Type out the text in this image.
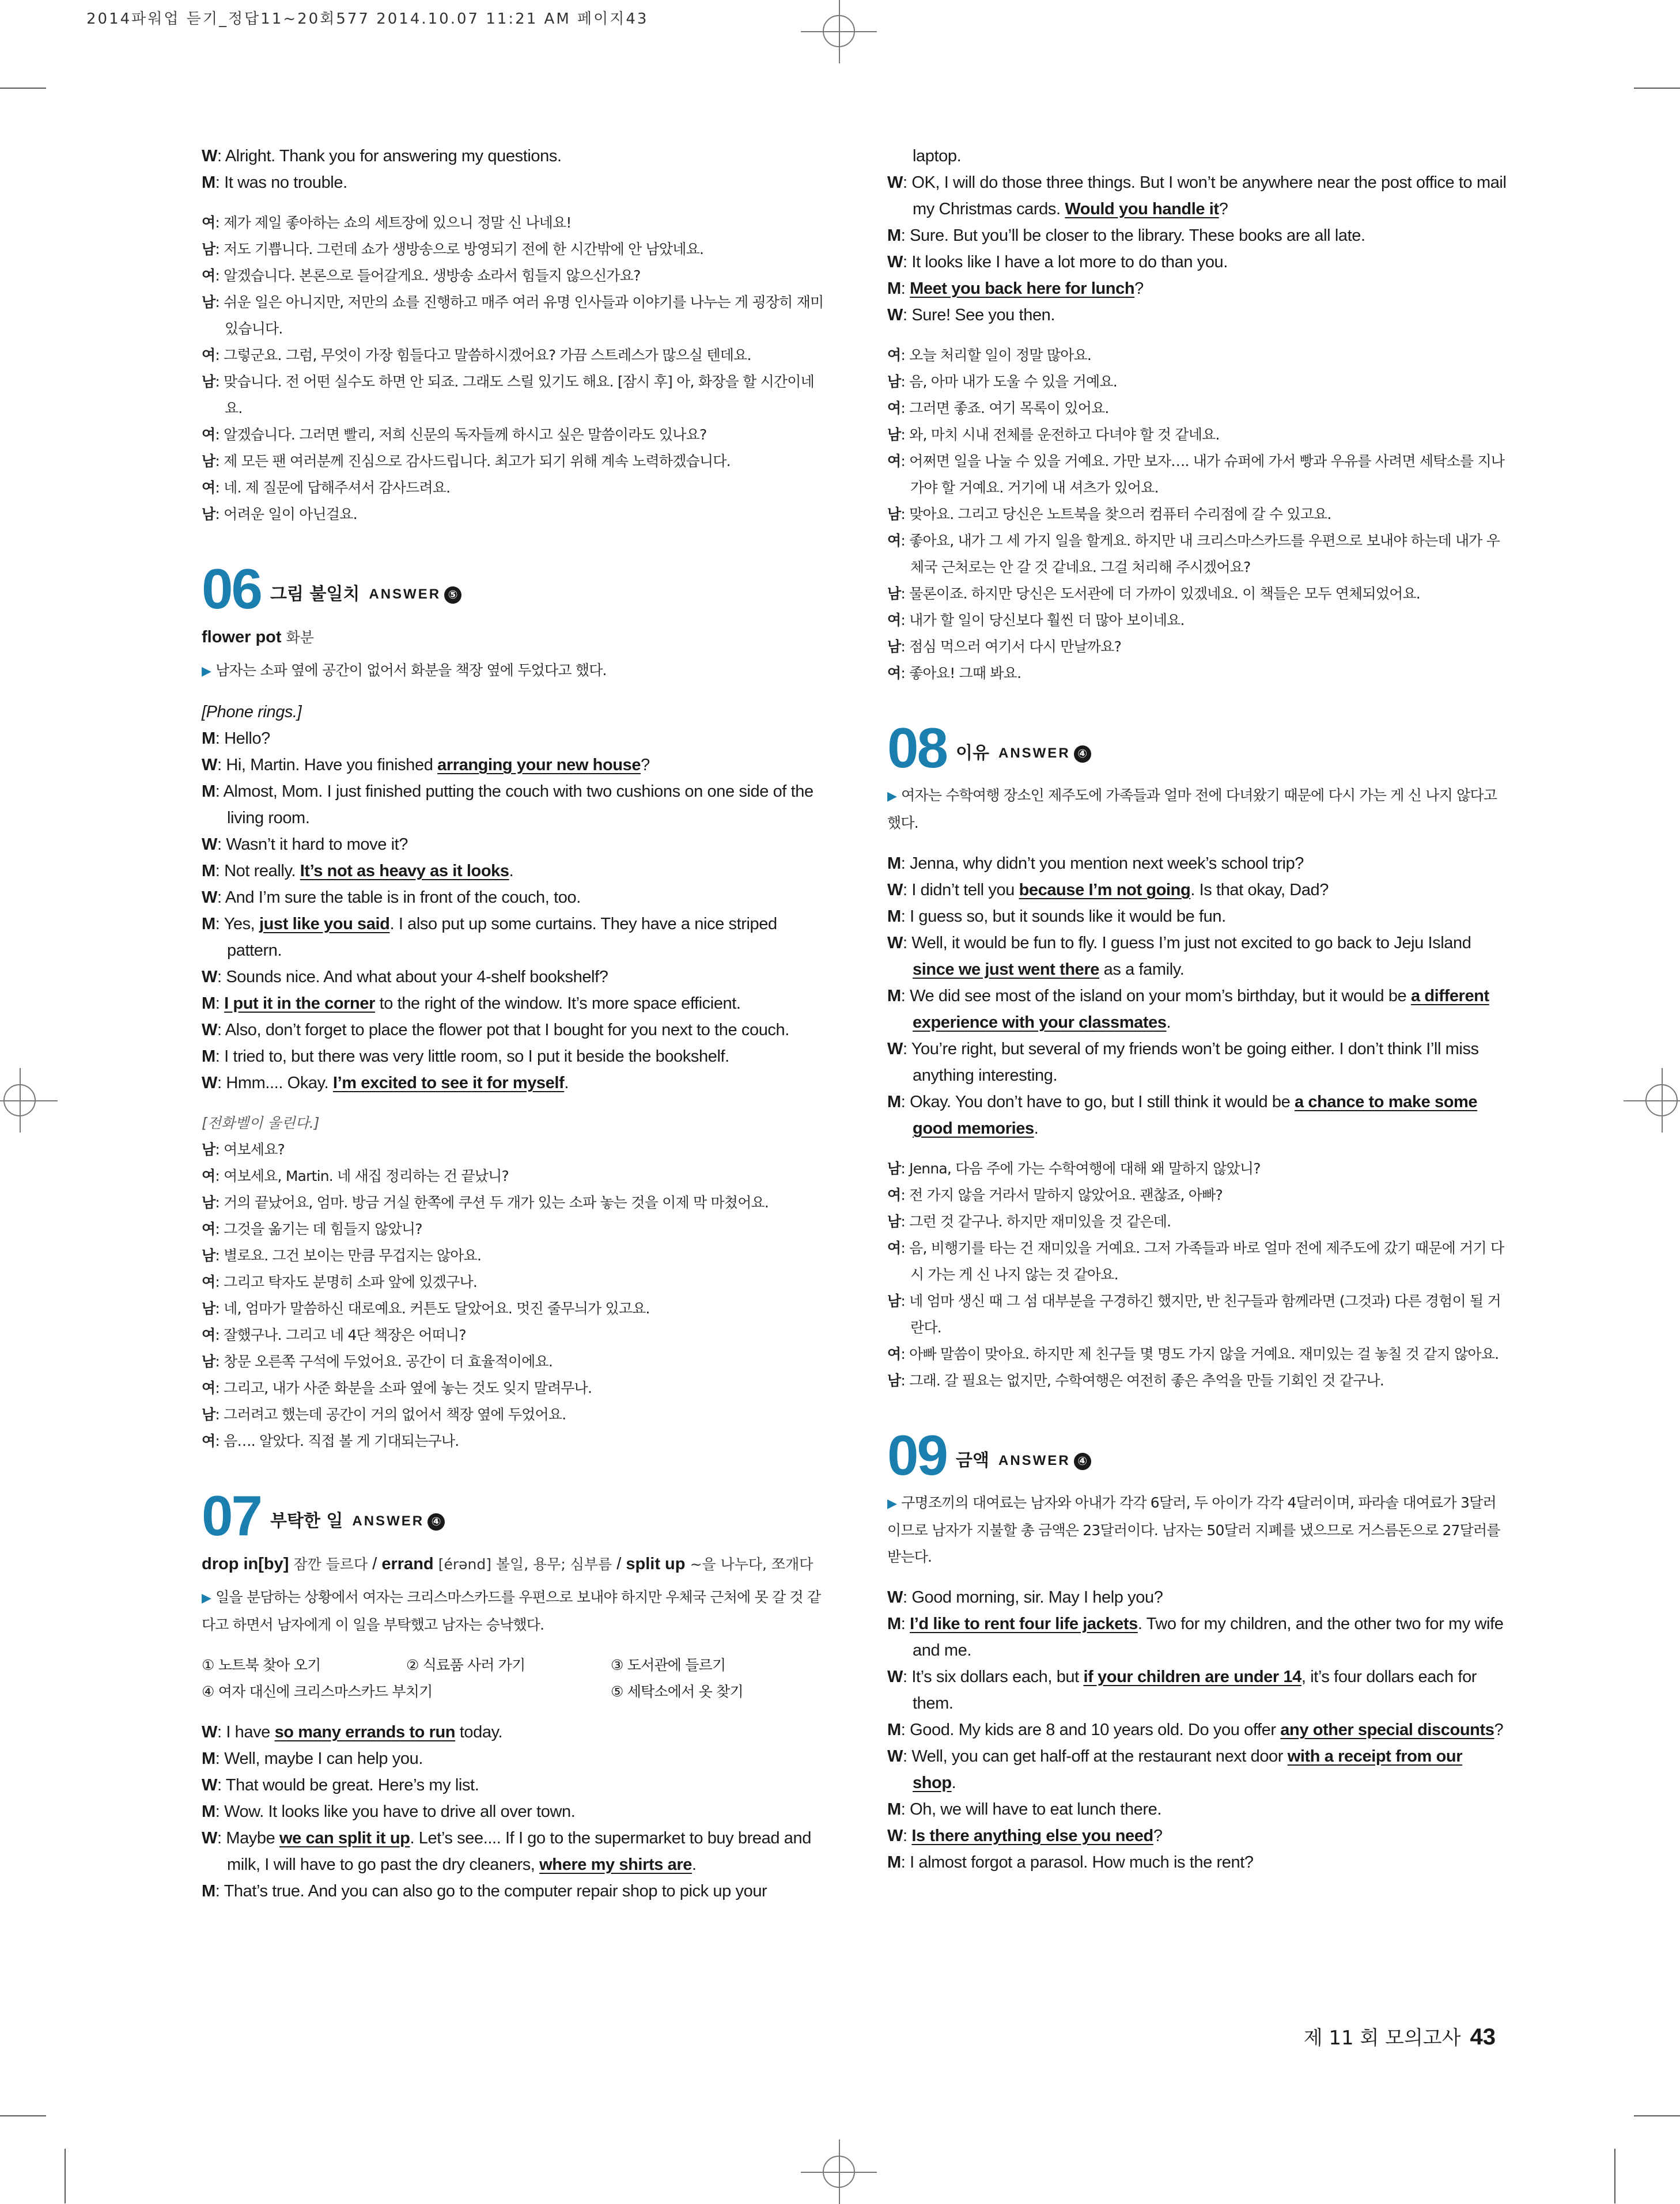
2014파워업 듣기_정답11~20회577 2014.10.07 11:21 AM 페이지43
W: Alright. Thank you for answering my questions.
M: It was no trouble.
여: 제가 제일 좋아하는 쇼의 세트장에 있으니 정말 신 나네요!
남: 저도 기쁩니다. 그런데 쇼가 생방송으로 방영되기 전에 한 시간밖에 안 남았네요.
여: 알겠습니다. 본론으로 들어갈게요. 생방송 쇼라서 힘들지 않으신가요?
남: 쉬운 일은 아니지만, 저만의 쇼를 진행하고 매주 여러 유명 인사들과 이야기를 나누는 게 굉장히 재미있습니다.
여: 그렇군요. 그럼, 무엇이 가장 힘들다고 말씀하시겠어요? 가끔 스트레스가 많으실 텐데요.
남: 맞습니다. 전 어떤 실수도 하면 안 되죠. 그래도 스릴 있기도 해요. [잠시 후] 아, 화장을 할 시간이네요.
여: 알겠습니다. 그러면 빨리, 저희 신문의 독자들께 하시고 싶은 말씀이라도 있나요?
남: 제 모든 팬 여러분께 진심으로 감사드립니다. 최고가 되기 위해 계속 노력하겠습니다.
여: 네. 제 질문에 답해주셔서 감사드려요.
남: 어려운 일이 아닌걸요.
06 그림 불일치 ANSWER ⑤
flower pot 화분
▶ 남자는 소파 옆에 공간이 없어서 화분을 책장 옆에 두었다고 했다.
[Phone rings.]
M: Hello?
W: Hi, Martin. Have you finished arranging your new house?
M: Almost, Mom. I just finished putting the couch with two cushions on one side of the living room.
W: Wasn’t it hard to move it?
M: Not really. It’s not as heavy as it looks.
W: And I’m sure the table is in front of the couch, too.
M: Yes, just like you said. I also put up some curtains. They have a nice striped pattern.
W: Sounds nice. And what about your 4-shelf bookshelf?
M: I put it in the corner to the right of the window. It’s more space efficient.
W: Also, don’t forget to place the flower pot that I bought for you next to the couch.
M: I tried to, but there was very little room, so I put it beside the bookshelf.
W: Hmm.... Okay. I’m excited to see it for myself.
[전화벨이 울린다.]
남: 여보세요?
여: 여보세요, Martin. 네 새집 정리하는 건 끝났니?
남: 거의 끝났어요, 엄마. 방금 거실 한쪽에 쿠션 두 개가 있는 소파 놓는 것을 이제 막 마쳤어요.
여: 그것을 옮기는 데 힘들지 않았니?
남: 별로요. 그건 보이는 만큼 무겁지는 않아요.
여: 그리고 탁자도 분명히 소파 앞에 있겠구나.
남: 네, 엄마가 말씀하신 대로예요. 커튼도 달았어요. 멋진 줄무늬가 있고요.
여: 잘했구나. 그리고 네 4단 책장은 어떠니?
남: 창문 오른쪽 구석에 두었어요. 공간이 더 효율적이에요.
여: 그리고, 내가 사준 화분을 소파 옆에 놓는 것도 잊지 말려무나.
남: 그러려고 했는데 공간이 거의 없어서 책장 옆에 두었어요.
여: 음…. 알았다. 직접 볼 게 기대되는구나.
07 부탁한 일 ANSWER ④
drop in[by] 잠깐 들르다 / errand [érənd] 볼일, 용무; 심부름 / split up ~을 나누다, 쪼개다
▶ 일을 분담하는 상황에서 여자는 크리스마스카드를 우편으로 보내야 하지만 우체국 근처에 못 갈 것 같다고 하면서 남자에게 이 일을 부탁했고 남자는 승낙했다.
① 노트북 찾아 오기	② 식료품 사러 가기	③ 도서관에 들르기
④ 여자 대신에 크리스마스카드 부치기	⑤ 세탁소에서 옷 찾기
W: I have so many errands to run today.
M: Well, maybe I can help you.
W: That would be great. Here’s my list.
M: Wow. It looks like you have to drive all over town.
W: Maybe we can split it up. Let’s see.... If I go to the supermarket to buy bread and milk, I will have to go past the dry cleaners, where my shirts are.
M: That’s true. And you can also go to the computer repair shop to pick up your
laptop.
W: OK, I will do those three things. But I won’t be anywhere near the post office to mail my Christmas cards. Would you handle it?
M: Sure. But you’ll be closer to the library. These books are all late.
W: It looks like I have a lot more to do than you.
M: Meet you back here for lunch?
W: Sure! See you then.
여: 오늘 처리할 일이 정말 많아요.
남: 음, 아마 내가 도울 수 있을 거예요.
여: 그러면 좋죠. 여기 목록이 있어요.
남: 와, 마치 시내 전체를 운전하고 다녀야 할 것 같네요.
여: 어쩌면 일을 나눌 수 있을 거예요. 가만 보자…. 내가 슈퍼에 가서 빵과 우유를 사려면 세탁소를 지나가야 할 거예요. 거기에 내 셔츠가 있어요.
남: 맞아요. 그리고 당신은 노트북을 찾으러 컴퓨터 수리점에 갈 수 있고요.
여: 좋아요, 내가 그 세 가지 일을 할게요. 하지만 내 크리스마스카드를 우편으로 보내야 하는데 내가 우체국 근처로는 안 갈 것 같네요. 그걸 처리해 주시겠어요?
남: 물론이죠. 하지만 당신은 도서관에 더 가까이 있겠네요. 이 책들은 모두 연체되었어요.
여: 내가 할 일이 당신보다 훨씬 더 많아 보이네요.
남: 점심 먹으러 여기서 다시 만날까요?
여: 좋아요! 그때 봐요.
08 이유 ANSWER ④
▶ 여자는 수학여행 장소인 제주도에 가족들과 얼마 전에 다녀왔기 때문에 다시 가는 게 신 나지 않다고 했다.
M: Jenna, why didn’t you mention next week’s school trip?
W: I didn’t tell you because I’m not going. Is that okay, Dad?
M: I guess so, but it sounds like it would be fun.
W: Well, it would be fun to fly. I guess I’m just not excited to go back to Jeju Island since we just went there as a family.
M: We did see most of the island on your mom’s birthday, but it would be a different experience with your classmates.
W: You’re right, but several of my friends won’t be going either. I don’t think I’ll miss anything interesting.
M: Okay. You don’t have to go, but I still think it would be a chance to make some good memories.
남: Jenna, 다음 주에 가는 수학여행에 대해 왜 말하지 않았니?
여: 전 가지 않을 거라서 말하지 않았어요. 괜찮죠, 아빠?
남: 그런 것 같구나. 하지만 재미있을 것 같은데.
여: 음, 비행기를 타는 건 재미있을 거예요. 그저 가족들과 바로 얼마 전에 제주도에 갔기 때문에 거기 다시 가는 게 신 나지 않는 것 같아요.
남: 네 엄마 생신 때 그 섬 대부분을 구경하긴 했지만, 반 친구들과 함께라면 (그것과) 다른 경험이 될 거란다.
여: 아빠 말씀이 맞아요. 하지만 제 친구들 몇 명도 가지 않을 거예요. 재미있는 걸 놓칠 것 같지 않아요.
남: 그래. 갈 필요는 없지만, 수학여행은 여전히 좋은 추억을 만들 기회인 것 같구나.
09 금액 ANSWER ④
▶ 구명조끼의 대여료는 남자와 아내가 각각 6달러, 두 아이가 각각 4달러이며, 파라솔 대여료가 3달러이므로 남자가 지불할 총 금액은 23달러이다. 남자는 50달러 지폐를 냈으므로 거스름돈으로 27달러를 받는다.
W: Good morning, sir. May I help you?
M: I’d like to rent four life jackets. Two for my children, and the other two for my wife and me.
W: It’s six dollars each, but if your children are under 14, it’s four dollars each for them.
M: Good. My kids are 8 and 10 years old. Do you offer any other special discounts?
W: Well, you can get half-off at the restaurant next door with a receipt from our shop.
M: Oh, we will have to eat lunch there.
W: Is there anything else you need?
M: I almost forgot a parasol. How much is the rent?
제 11 회 모의고사 43
